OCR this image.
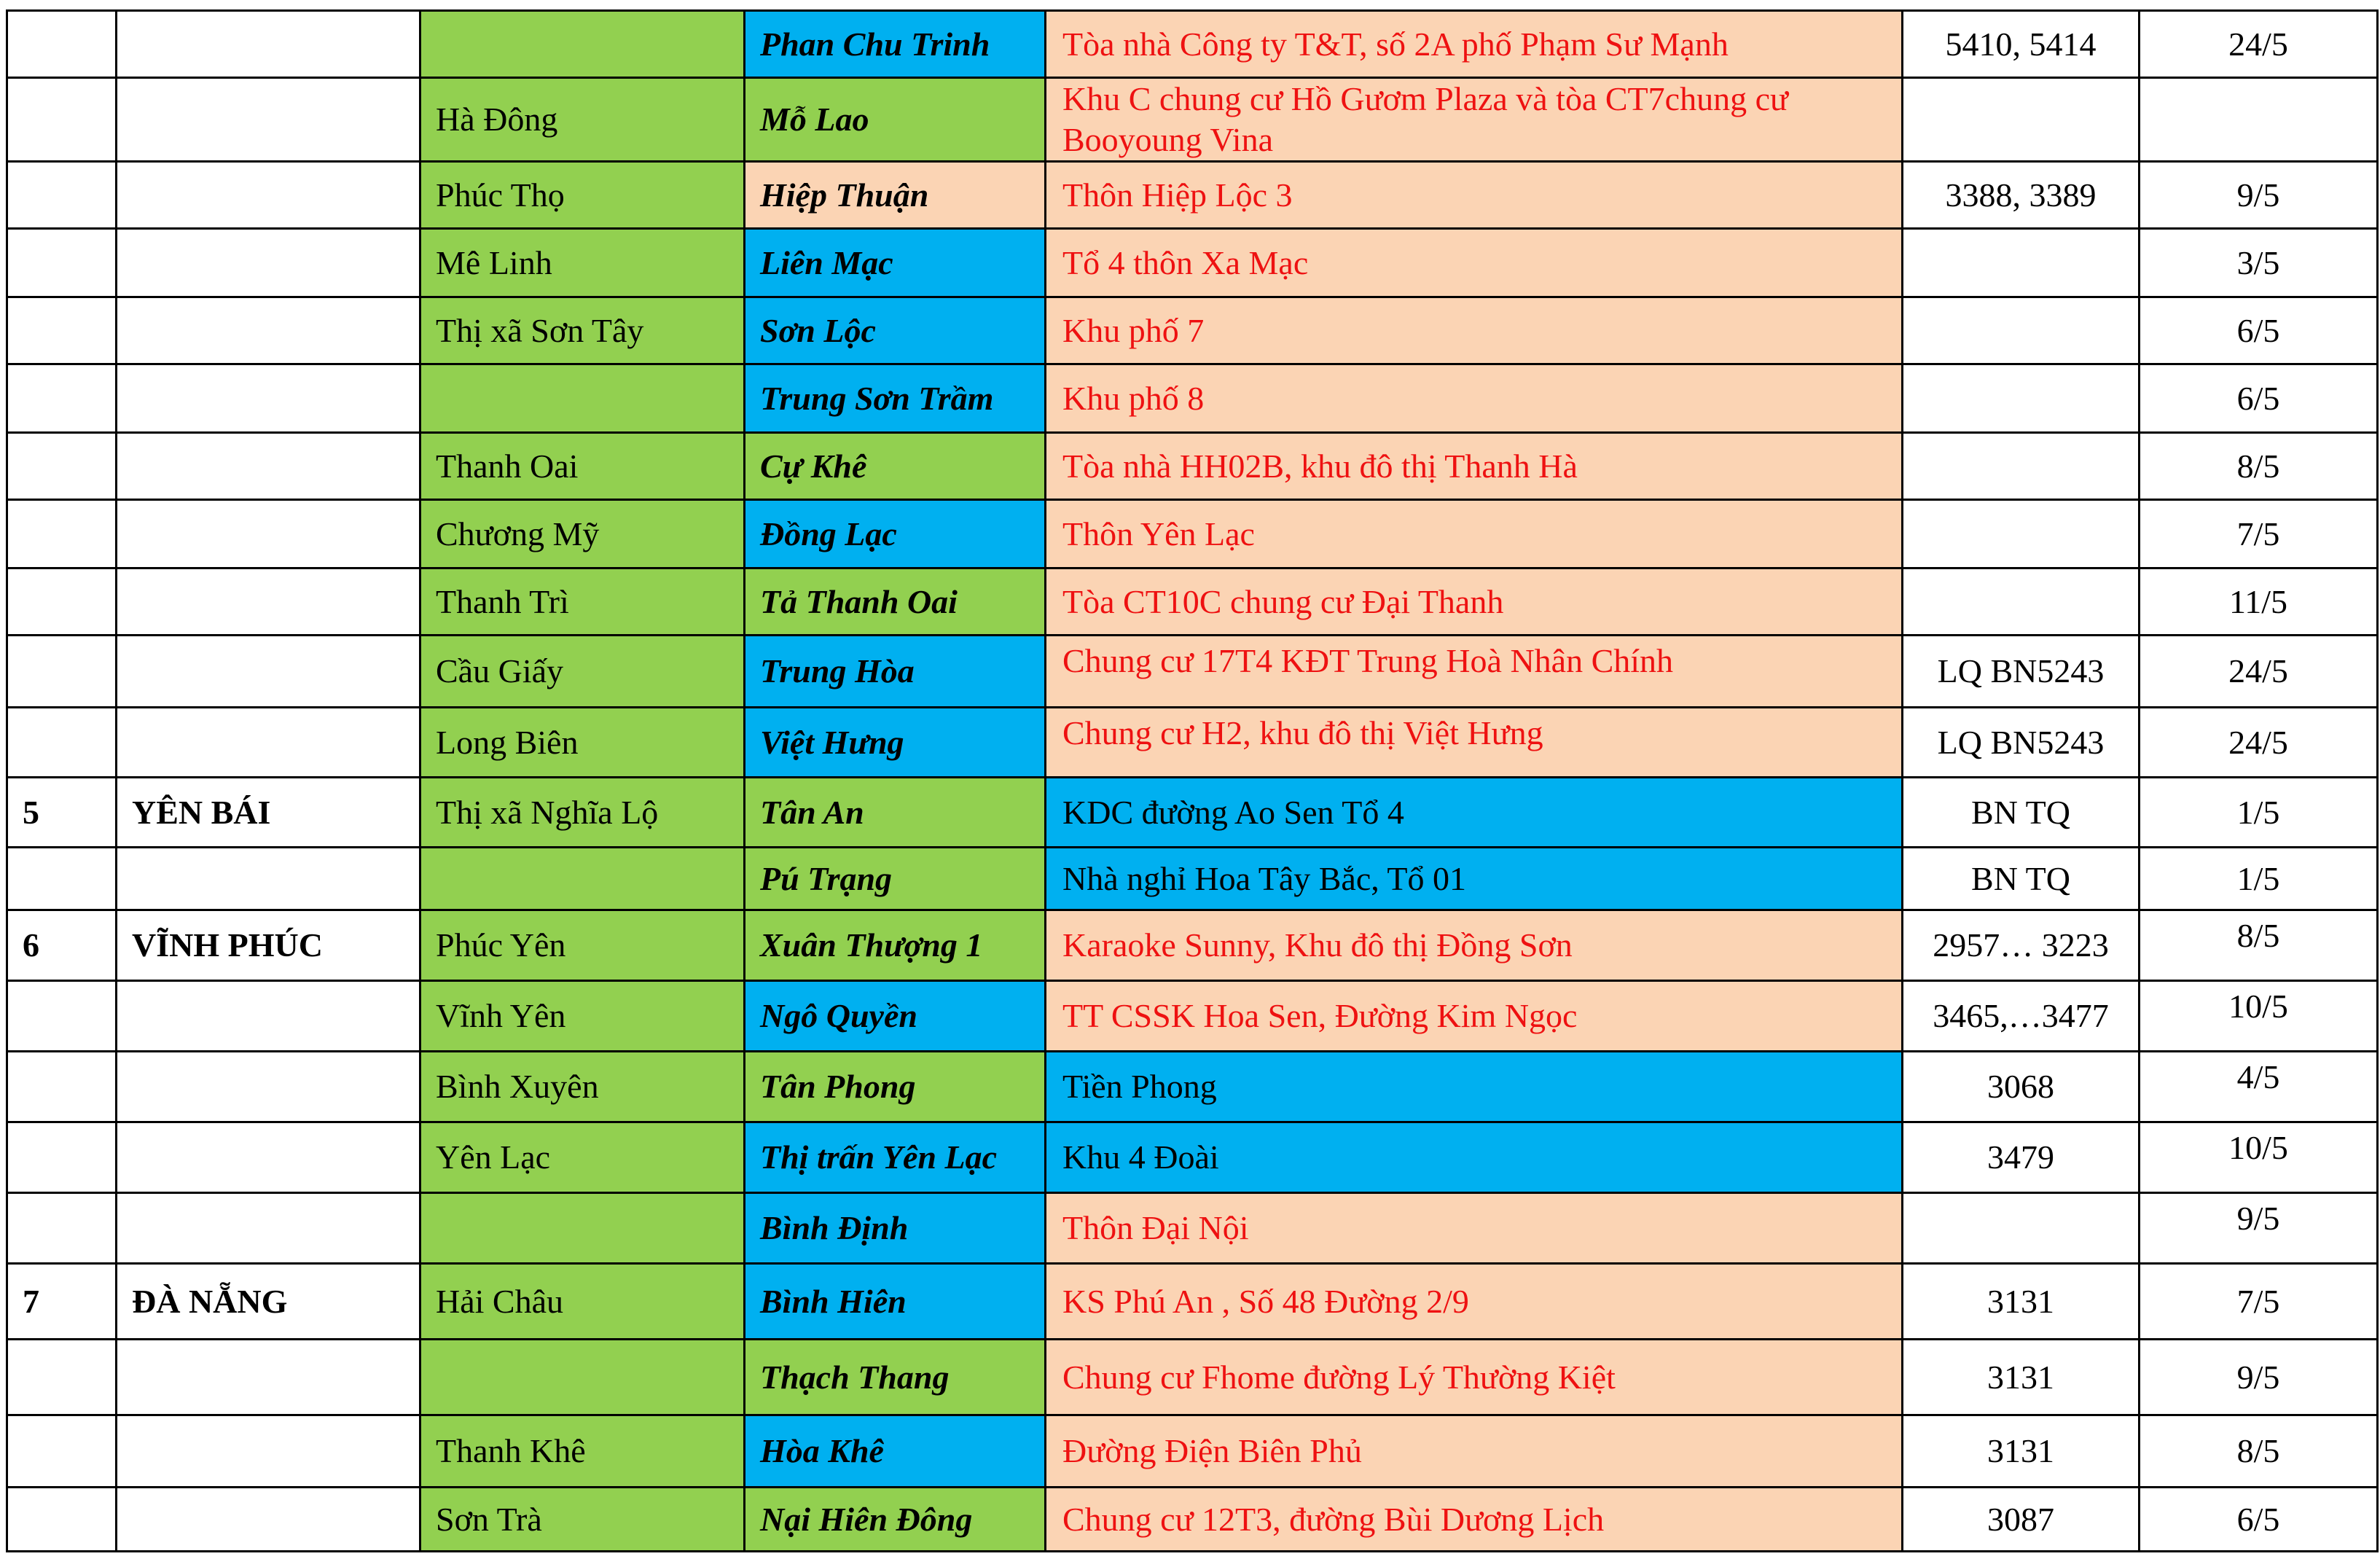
			Phan Chu Trinh	Tòa nhà Công ty T&T, số 2A phố Phạm Sư Mạnh	5410, 5414	24/5
		Hà Đông	Mỗ Lao	Khu C chung cư Hồ Gươm Plaza và tòa CT7chung cư Booyoung Vina		
		Phúc Thọ	Hiệp Thuận	Thôn Hiệp Lộc 3	3388, 3389	9/5
		Mê Linh	Liên Mạc	Tổ 4 thôn Xa Mạc		3/5
		Thị xã Sơn Tây	Sơn Lộc	Khu phố 7		6/5
			Trung Sơn Trầm	Khu phố 8		6/5
		Thanh Oai	Cự Khê	Tòa nhà HH02B, khu đô thị Thanh Hà		8/5
		Chương Mỹ	Đồng Lạc	Thôn Yên Lạc		7/5
		Thanh Trì	Tả Thanh Oai	Tòa CT10C chung cư Đại Thanh		11/5
		Cầu Giấy	Trung Hòa	Chung cư 17T4 KĐT Trung Hoà Nhân Chính	LQ BN5243	24/5
		Long Biên	Việt Hưng	Chung cư H2, khu đô thị Việt Hưng	LQ BN5243	24/5
5	YÊN BÁI	Thị xã Nghĩa Lộ	Tân An	KDC đường Ao Sen Tổ 4	BN TQ	1/5
			Pú Trạng	Nhà nghỉ Hoa Tây Bắc, Tổ 01	BN TQ	1/5
6	VĨNH PHÚC	Phúc Yên	Xuân Thượng 1	Karaoke Sunny, Khu đô thị Đồng Sơn	2957… 3223	8/5
		Vĩnh Yên	Ngô Quyền	TT CSSK Hoa Sen, Đường Kim Ngọc	3465,…3477	10/5
		Bình Xuyên	Tân Phong	Tiền Phong	3068	4/5
		Yên Lạc	Thị trấn Yên Lạc	Khu 4 Đoài	3479	10/5
			Bình Định	Thôn Đại Nội		9/5
7	ĐÀ NẴNG	Hải Châu	Bình Hiên	KS Phú An , Số 48 Đường 2/9	3131	7/5
			Thạch Thang	Chung cư Fhome đường Lý Thường Kiệt	3131	9/5
		Thanh Khê	Hòa Khê	Đường Điện Biên Phủ	3131	8/5
		Sơn Trà	Nại Hiên Đông	Chung cư 12T3, đường Bùi Dương Lịch	3087	6/5
